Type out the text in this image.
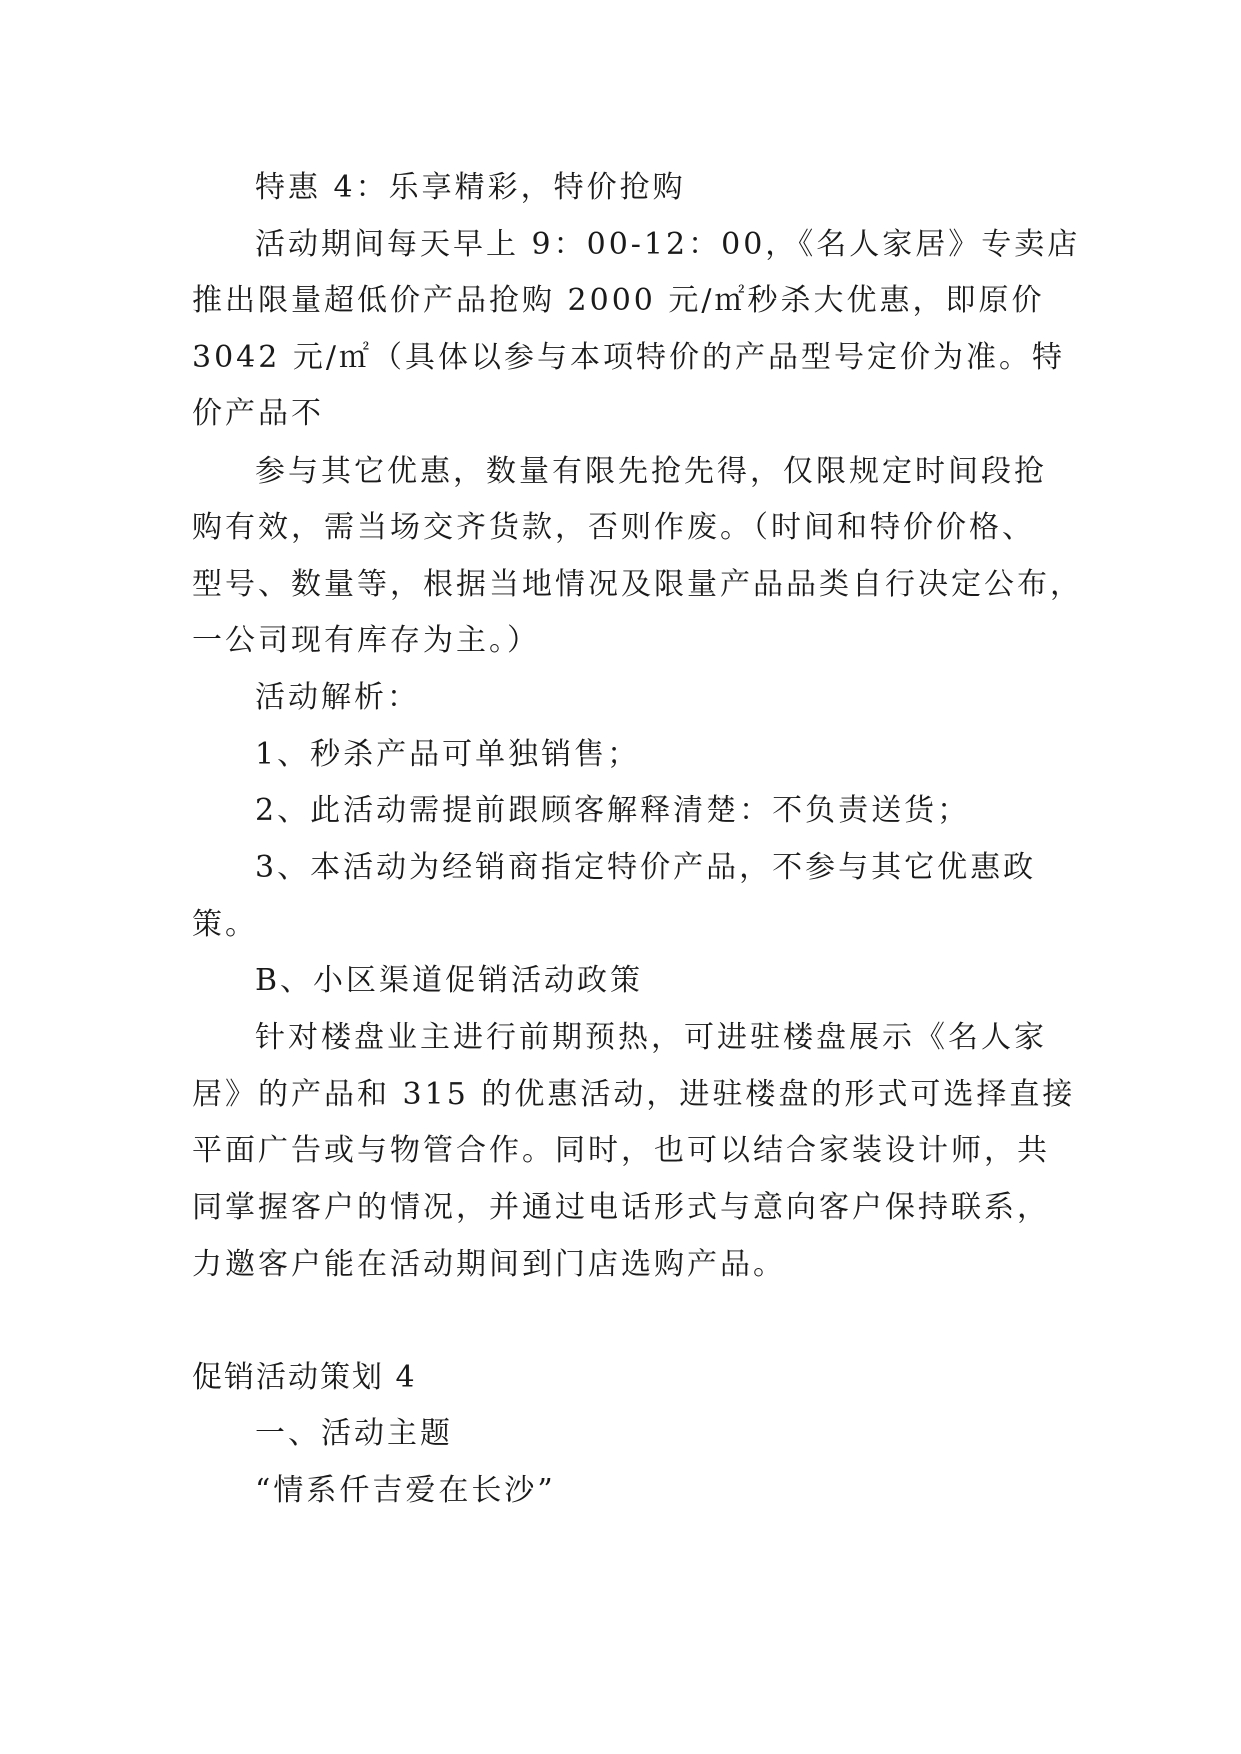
特惠 4：乐享精彩，特价抢购
活动期间每天早上 9：00-12：00，《名人家居》专卖店
推出限量超低价产品抢购 2000 元/㎡秒杀大优惠，即原价
3042 元/㎡（具体以参与本项特价的产品型号定价为准。特
价产品不
参与其它优惠，数量有限先抢先得，仅限规定时间段抢
购有效，需当场交齐货款，否则作废。（时间和特价价格、
型号、数量等，根据当地情况及限量产品品类自行决定公布，
一公司现有库存为主。）
活动解析：
1、秒杀产品可单独销售；
2、此活动需提前跟顾客解释清楚：不负责送货；
3、本活动为经销商指定特价产品，不参与其它优惠政
策。
B、小区渠道促销活动政策
针对楼盘业主进行前期预热，可进驻楼盘展示《名人家
居》的产品和 315 的优惠活动，进驻楼盘的形式可选择直接
平面广告或与物管合作。同时，也可以结合家装设计师，共
同掌握客户的情况，并通过电话形式与意向客户保持联系，
力邀客户能在活动期间到门店选购产品。
促销活动策划 4
一、活动主题
“情系仟吉爱在长沙”
